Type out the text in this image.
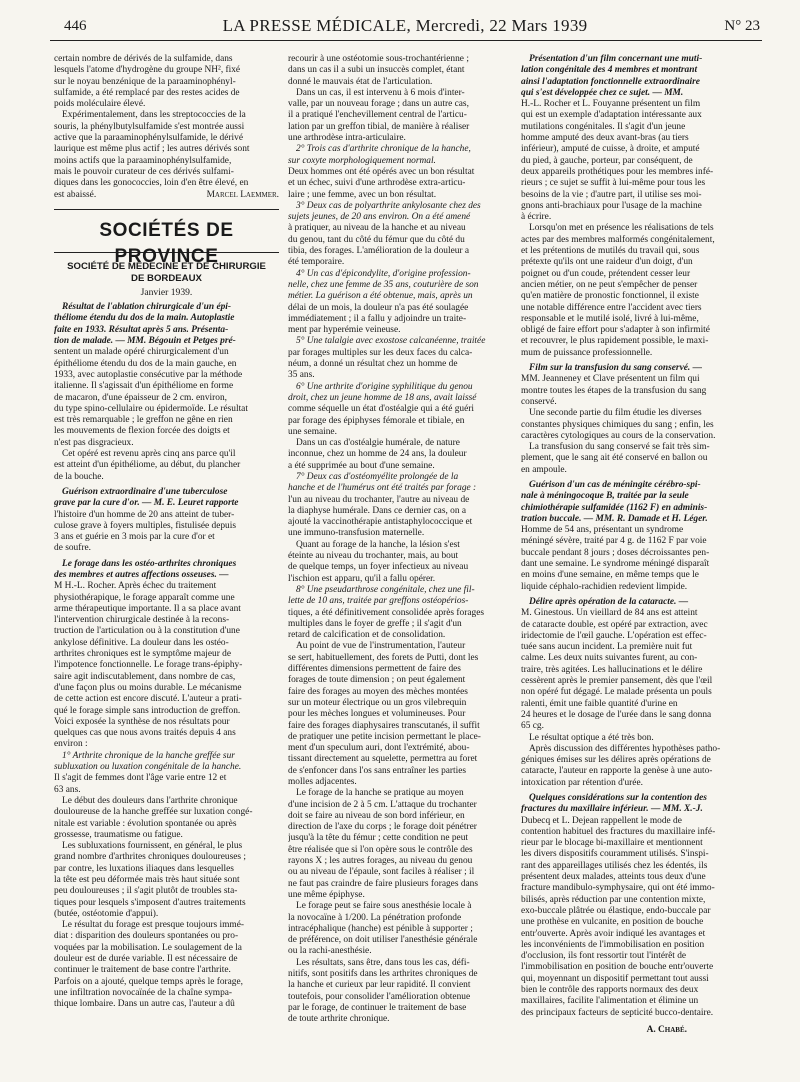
446	LA PRESSE MÉDICALE, Mercredi, 22 Mars 1939	N° 23
certain nombre de dérivés de la sulfamide, dans
lesquels l'atome d'hydrogène du groupe NH², fixé
sur le noyau benzénique de la paraaminophényl-
sulfamide, a été remplacé par des restes acides de
poids moléculaire élevé.
Expérimentalement, dans les streptococcies de la
souris, la phénylbutylsulfamide s'est montrée aussi
active que la paraaminophénylsulfamide, le dérivé
laurique est même plus actif ; les autres dérivés sont
moins actifs que la paraaminophénylsulfamide,
mais le pouvoir curateur de ces dérivés sulfami-
diques dans les gonococcies, loin d'en être élevé, en
est abaissé.	Marcel Laemmer.
SOCIÉTÉS DE PROVINCE
SOCIÉTÉ DE MÉDECINE ET DE CHIRURGIE
DE BORDEAUX
Janvier 1939.
Résultat de l'ablation chirurgicale d'un épi-
théliome étendu du dos de la main. Autoplastie
faite en 1933. Résultat après 5 ans. Présenta-
tion de malade. — MM. Bégouin et Petges pré-
sentent un malade opéré chirurgicalement d'un
épithéliome étendu du dos de la main gauche, en
1933, avec autoplastie consécutive par la méthode
italienne. Il s'agissait d'un épithéliome en forme
de macaron, d'une épaisseur de 2 cm. environ,
du type spino-cellulaire ou épidermoïde. Le résultat
est très remarquable ; le greffon ne gêne en rien
les mouvements de flexion forcée des doigts et
n'est pas disgracieux.
Cet opéré est revenu après cinq ans parce qu'il
est atteint d'un épithéliome, au début, du plancher
de la bouche.
Guérison extraordinaire d'une tuberculose
grave par la cure d'or. — M. E. Leuret rapporte
l'histoire d'un homme de 20 ans atteint de tuber-
culose grave à foyers multiples, fistulisée depuis
3 ans et guérie en 3 mois par la cure d'or et
de soufre.
Le forage dans les ostéo-arthrites chroniques
des membres et autres affections osseuses. —
M H.-L. Rocher. Après échec du traitement
physiothérapique, le forage apparaît comme une
arme thérapeutique importante. Il a sa place avant
l'intervention chirurgicale destinée à la recons-
truction de l'articulation ou à la constitution d'une
ankylose définitive. La douleur dans les ostéo-
arthrites chroniques est le symptôme majeur de
l'impotence fonctionnelle. Le forage trans-épiphy-
saire agit indiscutablement, dans nombre de cas,
d'une façon plus ou moins durable. Le mécanisme
de cette action est encore discuté. L'auteur a prati-
qué le forage simple sans introduction de greffon.
Voici exposée la synthèse de nos résultats pour
quelques cas que nous avons traités depuis 4 ans
environ :
1° Arthrite chronique de la hanche greffée sur
subluxation ou luxation congénitale de la hanche.
Il s'agit de femmes dont l'âge varie entre 12 et
63 ans.
Le début des douleurs dans l'arthrite chronique
douloureuse de la hanche greffée sur luxation congé-
nitale est variable : évolution spontanée ou après
grossesse, traumatisme ou fatigue.
Les subluxations fournissent, en général, le plus
grand nombre d'arthrites chroniques douloureuses ;
par contre, les luxations iliaques dans lesquelles
la tête est peu déformée mais très haut située sont
peu douloureuses ; il s'agit plutôt de troubles sta-
tiques pour lesquels s'imposent d'autres traitements
(butée, ostéotomie d'appui).
Le résultat du forage est presque toujours immé-
diat : disparition des douleurs spontanées ou pro-
voquées par la mobilisation. Le soulagement de la
douleur est de durée variable. Il est nécessaire de
continuer le traitement de base contre l'arthrite.
Parfois on a ajouté, quelque temps après le forage,
une infiltration novocaïnée de la chaîne sympa-
thique lombaire. Dans un autre cas, l'auteur a dû
recourir à une ostéotomie sous-trochantérienne ;
dans un cas il a subi un insuccès complet, étant
donné le mauvais état de l'articulation.
Dans un cas, il est intervenu à 6 mois d'inter-
valle, par un nouveau forage ; dans un autre cas,
il a pratiqué l'enchevillement central de l'articu-
lation par un greffon tibial, de manière à réaliser
une arthrodèse intra-articulaire.
2° Trois cas d'arthrite chronique de la hanche,
sur coxyte morphologiquement normal.
Deux hommes ont été opérés avec un bon résultat
et un échec, suivi d'une arthrodèse extra-articu-
laire ; une femme, avec un bon résultat.
3° Deux cas de polyarthrite ankylosante chez des
sujets jeunes, de 20 ans environ. On a été amené
à pratiquer, au niveau de la hanche et au niveau
du genou, tant du côté du fémur que du côté du
tibia, des forages. L'amélioration de la douleur a
été temporaire.
4° Un cas d'épicondylite, d'origine profession-
nelle, chez une femme de 35 ans, couturière de son
métier. La guérison a été obtenue, mais, après un
délai de un mois, la douleur n'a pas été soulagée
immédiatement ; il a fallu y adjoindre un traite-
ment par hyperémie veineuse.
5° Une talalgie avec exostose calcanéenne, traitée
par forages multiples sur les deux faces du calca-
néum, a donné un résultat chez un homme de
35 ans.
6° Une arthrite d'origine syphilitique du genou
droit, chez un jeune homme de 18 ans, avait laissé
comme séquelle un état d'ostéalgie qui a été guéri
par forage des épiphyses fémorale et tibiale, en
une semaine.
Dans un cas d'ostéalgie humérale, de nature
inconnue, chez un homme de 24 ans, la douleur
a été supprimée au bout d'une semaine.
7° Deux cas d'ostéomyélite prolongée de la
hanche et de l'humérus ont été traités par forage :
l'un au niveau du trochanter, l'autre au niveau de
la diaphyse humérale. Dans ce dernier cas, on a
ajouté la vaccinothérapie antistaphylococcique et
une immuno-transfusion maternelle.
Quant au forage de la hanche, la lésion s'est
éteinte au niveau du trochanter, mais, au bout
de quelque temps, un foyer infectieux au niveau
l'ischion est apparu, qu'il a fallu opérer.
8° Une pseudarthrose congénitale, chez une fil-
lette de 10 ans, traitée par greffons ostéopérios-
tiques, a été définitivement consolidée après forages
multiples dans le foyer de greffe ; il s'agit d'un
retard de calcification et de consolidation.
Au point de vue de l'instrumentation, l'auteur
se sert, habituellement, des forets de Putti, dont les
différentes dimensions permettent de faire des
forages de toute dimension ; on peut également
faire des forages au moyen des mèches montées
sur un moteur électrique ou un gros vilebrequin
pour les mèches longues et volumineuses. Pour
faire des forages diaphysaires transcutanés, il suffit
de pratiquer une petite incision permettant le place-
ment d'un speculum auri, dont l'extrémité, abou-
tissant directement au squelette, permettra au foret
de s'enfoncer dans l'os sans entraîner les parties
molles adjacentes.
Le forage de la hanche se pratique au moyen
d'une incision de 2 à 5 cm. L'attaque du trochanter
doit se faire au niveau de son bord inférieur, en
direction de l'axe du corps ; le forage doit pénétrer
jusqu'à la tête du fémur ; cette condition ne peut
être réalisée que si l'on opère sous le contrôle des
rayons X ; les autres forages, au niveau du genou
ou au niveau de l'épaule, sont faciles à réaliser ; il
ne faut pas craindre de faire plusieurs forages dans
une même épiphyse.
Le forage peut se faire sous anesthésie locale à
la novocaïne à 1/200. La pénétration profonde
intracéphalique (hanche) est pénible à supporter ;
de préférence, on doit utiliser l'anesthésie générale
ou la rachi-anesthésie.
Les résultats, sans être, dans tous les cas, défi-
nitifs, sont positifs dans les arthrites chroniques de
la hanche et curieux par leur rapidité. Il convient
toutefois, pour consolider l'amélioration obtenue
par le forage, de continuer le traitement de base
de toute arthrite chronique.
Présentation d'un film concernant une muti-
lation congénitale des 4 membres et montrant
ainsi l'adaptation fonctionnelle extraordinaire
qui s'est développée chez ce sujet. — MM.
H.-L. Rocher et L. Fouyanne présentent un film
qui est un exemple d'adaptation intéressante aux
mutilations congénitales. Il s'agit d'un jeune
homme amputé des deux avant-bras (au tiers
inférieur), amputé de cuisse, à droite, et amputé
du pied, à gauche, porteur, par conséquent, de
deux appareils prothétiques pour les membres infé-
rieurs ; ce sujet se suffit à lui-même pour tous les
besoins de la vie ; d'autre part, il utilise ses moi-
gnons anti-brachiaux pour l'usage de la machine
à écrire.
Lorsqu'on met en présence les réalisations de tels
actes par des membres malformés congénitalement,
et les prétentions de mutilés du travail qui, sous
prétexte qu'ils ont une raideur d'un doigt, d'un
poignet ou d'un coude, prétendent cesser leur
ancien métier, on ne peut s'empêcher de penser
qu'en matière de pronostic fonctionnel, il existe
une notable différence entre l'accident avec tiers
responsable et le mutilé isolé, livré à lui-même,
obligé de faire effort pour s'adapter à son infirmité
et recouvrer, le plus rapidement possible, le maxi-
mum de puissance professionnelle.
Film sur la transfusion du sang conservé. —
MM. Jeanneney et Clave présentent un film qui
montre toutes les étapes de la transfusion du sang
conservé.
Une seconde partie du film étudie les diverses
constantes physiques chimiques du sang ; enfin, les
caractères cytologiques au cours de la conservation.
La transfusion du sang conservé se fait très sim-
plement, que le sang ait été conservé en ballon ou
en ampoule.
Guérison d'un cas de méningite cérébro-spi-
nale à méningocoque B, traitée par la seule
chimiothérapie sulfamidée (1162 F) en adminis-
tration buccale. — MM. R. Damade et H. Léger.
Homme de 54 ans, présentant un syndrome
méningé sévère, traité par 4 g. de 1162 F par voie
buccale pendant 8 jours ; doses décroissantes pen-
dant une semaine. Le syndrome méningé disparaît
en moins d'une semaine, en même temps que le
liquide céphalo-rachidien redevient limpide.
Délire après opération de la cataracte. —
M. Ginestous. Un vieillard de 84 ans est atteint
de cataracte double, est opéré par extraction, avec
iridectomie de l'œil gauche. L'opération est effec-
tuée sans aucun incident. La première nuit fut
calme. Les deux nuits suivantes furent, au con-
traire, très agitées. Les hallucinations et le délire
cessèrent après le premier pansement, dès que l'œil
non opéré fut dégagé. Le malade présenta un pouls
ralenti, émit une faible quantité d'urine en
24 heures et le dosage de l'urée dans le sang donna
65 cg.
Le résultat optique a été très bon.
Après discussion des différentes hypothèses patho-
géniques émises sur les délires après opérations de
cataracte, l'auteur en rapporte la genèse à une auto-
intoxication par rétention d'urée.
Quelques considérations sur la contention des
fractures du maxillaire inférieur. — MM. X.-J.
Dubecq et L. Dejean rappellent le mode de
contention habituel des fractures du maxillaire infé-
rieur par le blocage bi-maxillaire et mentionnent
les divers dispositifs couramment utilisés. S'inspi-
rant des appareillages utilisés chez les édentés, ils
présentent deux malades, atteints tous deux d'une
fracture mandibulo-symphysaire, qui ont été immo-
bilisés, après réduction par une contention mixte,
exo-buccale plâtrée ou élastique, endo-buccale par
une prothèse en vulcanite, en position de bouche
entr'ouverte. Après avoir indiqué les avantages et
les inconvénients de l'immobilisation en position
d'occlusion, ils font ressortir tout l'intérêt de
l'immobilisation en position de bouche entr'ouverte
qui, moyennant un dispositif permettant tout aussi
bien le contrôle des rapports normaux des deux
maxillaires, facilite l'alimentation et élimine un
des principaux facteurs de septicité bucco-dentaire.
A. Chabé.
